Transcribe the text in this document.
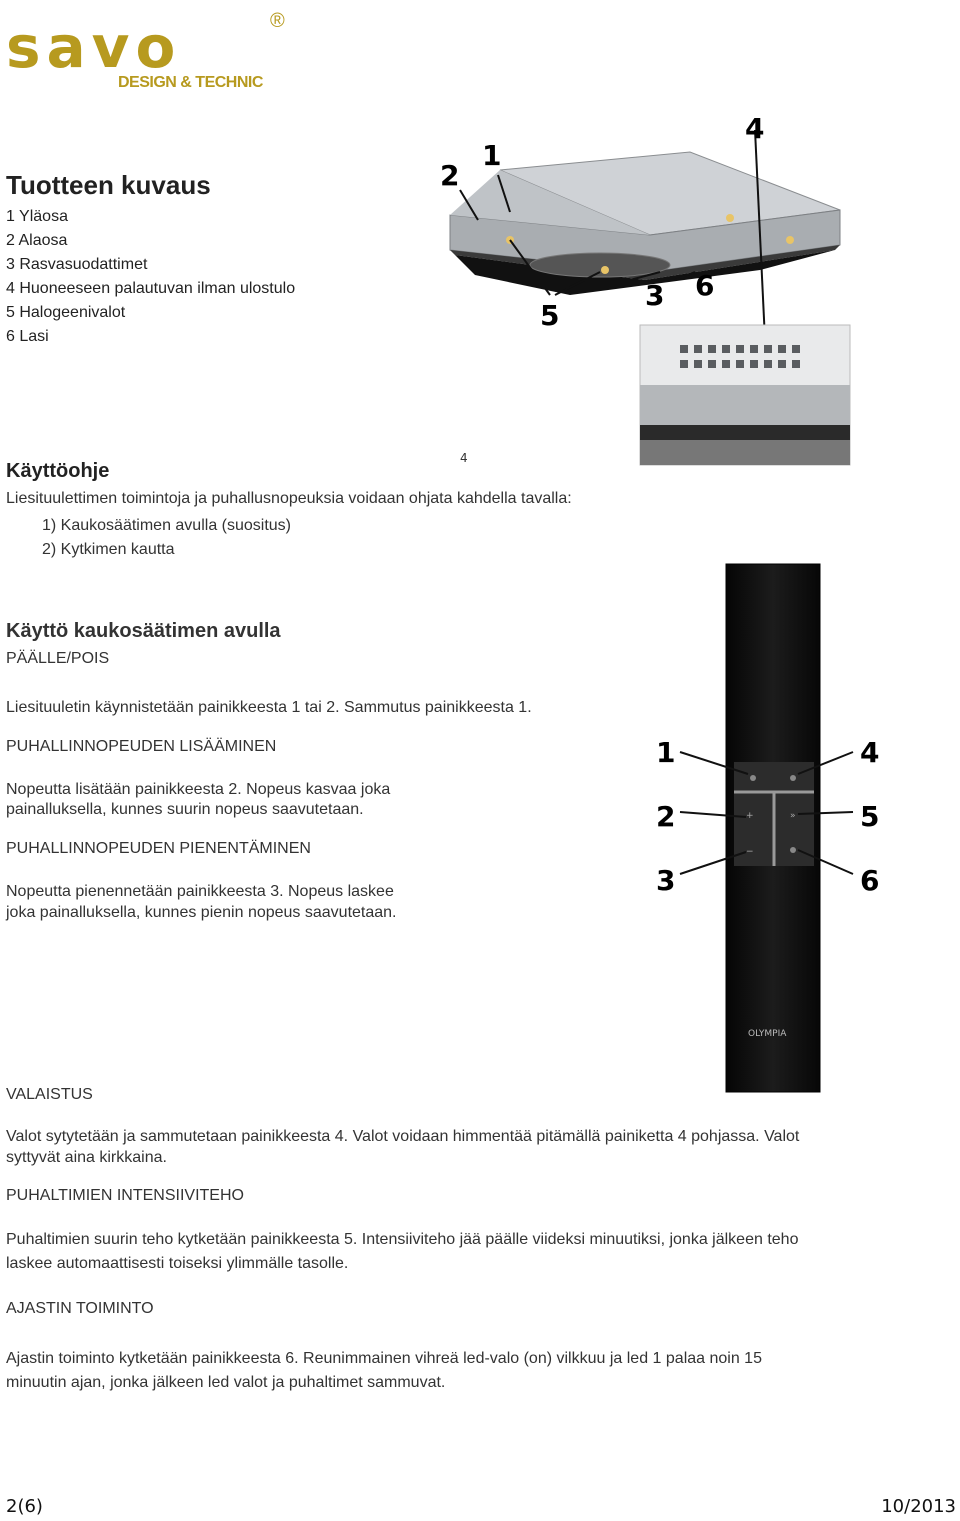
savo	®
DESIGN & TECHNIC
Tuotteen kuvaus
1 Yläosa
2 Alaosa
3 Rasvasuodattimet
4 Huoneeseen palautuvan ilman ulostulo
5 Halogeenivalot
6 Lasi
2
1
4
5
3 6
4
Käyttöohje
Liesituulettimen toimintoja ja puhallusnopeuksia voidaan ohjata kahdella tavalla:
1) Kaukosäätimen avulla (suositus)
2) Kytkimen kautta
Käyttö kaukosäätimen avulla
PÄÄLLE/POIS
Liesituuletin käynnistetään painikkeesta 1 tai 2. Sammutus painikkeesta 1.
PUHALLINNOPEUDEN LISÄÄMINEN
Nopeutta lisätään painikkeesta 2. Nopeus kasvaa joka
painalluksella, kunnes suurin nopeus saavutetaan.
PUHALLINNOPEUDEN PIENENTÄMINEN
Nopeutta pienennetään painikkeesta 3. Nopeus laskee
joka painalluksella, kunnes pienin nopeus saavutetaan.
+
−
»
1
2
3
4
5
6
OLYMPIA
VALAISTUS
Valot sytytetään ja sammutetaan painikkeesta 4. Valot voidaan himmentää pitämällä painiketta 4 pohjassa. Valot
syttyvät aina kirkkaina.
PUHALTIMIEN INTENSIIVITEHO
Puhaltimien suurin teho kytketään painikkeesta 5. Intensiiviteho jää päälle viideksi minuutiksi, jonka jälkeen teho
laskee automaattisesti toiseksi ylimmälle tasolle.
AJASTIN TOIMINTO
Ajastin toiminto kytketään painikkeesta 6. Reunimmainen vihreä led-valo (on) vilkkuu ja led 1 palaa noin 15
minuutin ajan, jonka jälkeen led valot ja puhaltimet sammuvat.
2(6)	10/2013
